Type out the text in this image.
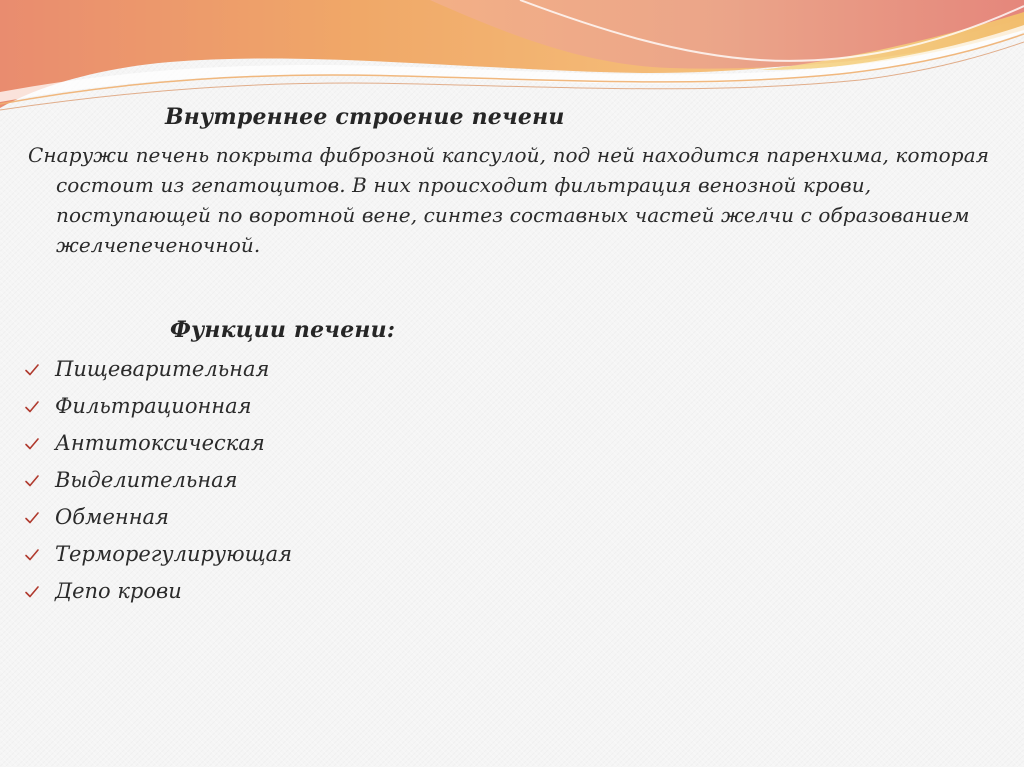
Внутреннее строение печени

Снаружи печень покрыта фиброзной капсулой, под ней находится паренхима, которая состоит из гепатоцитов. В них происходит фильтрация венозной крови, поступающей по воротной вене, синтез составных частей желчи с образованием желчепеченочной.

Функции печени:
Пищеварительная
Фильтрационная
Антитоксическая
Выделительная
Обменная
Терморегулирующая
Депо крови
